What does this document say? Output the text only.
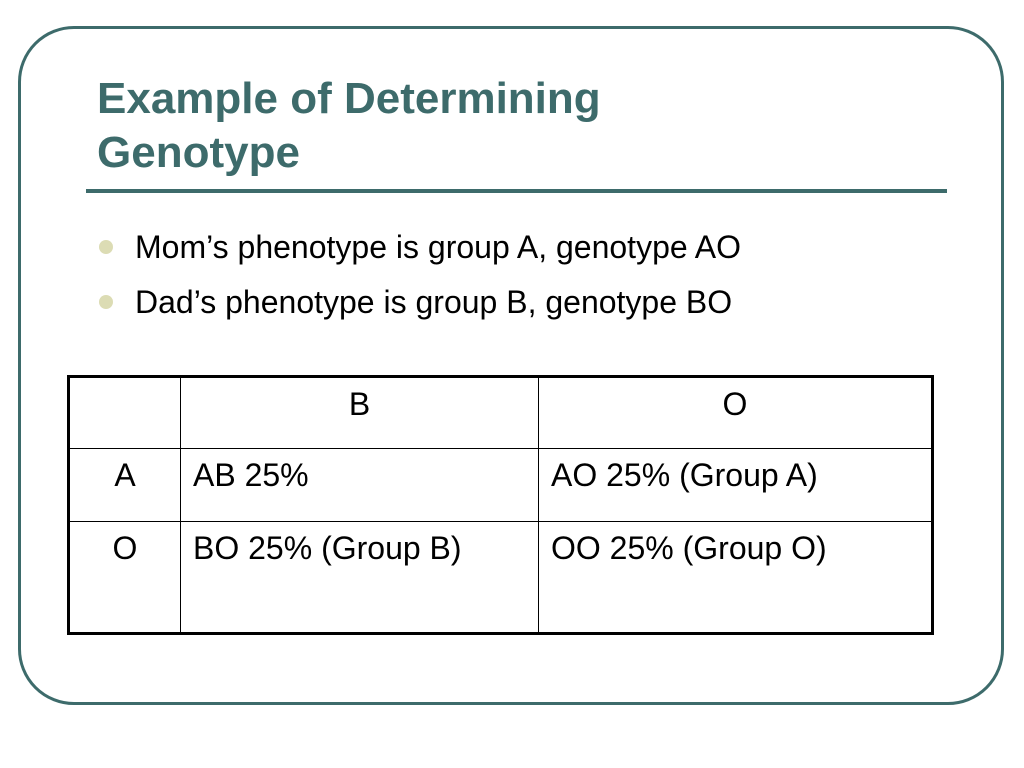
Example of Determining
Genotype
Mom’s phenotype is group A, genotype AO
Dad’s phenotype is group B, genotype BO
	B	O
A	AB 25%	AO 25% (Group A)
O	BO 25% (Group B)	OO 25% (Group O)
